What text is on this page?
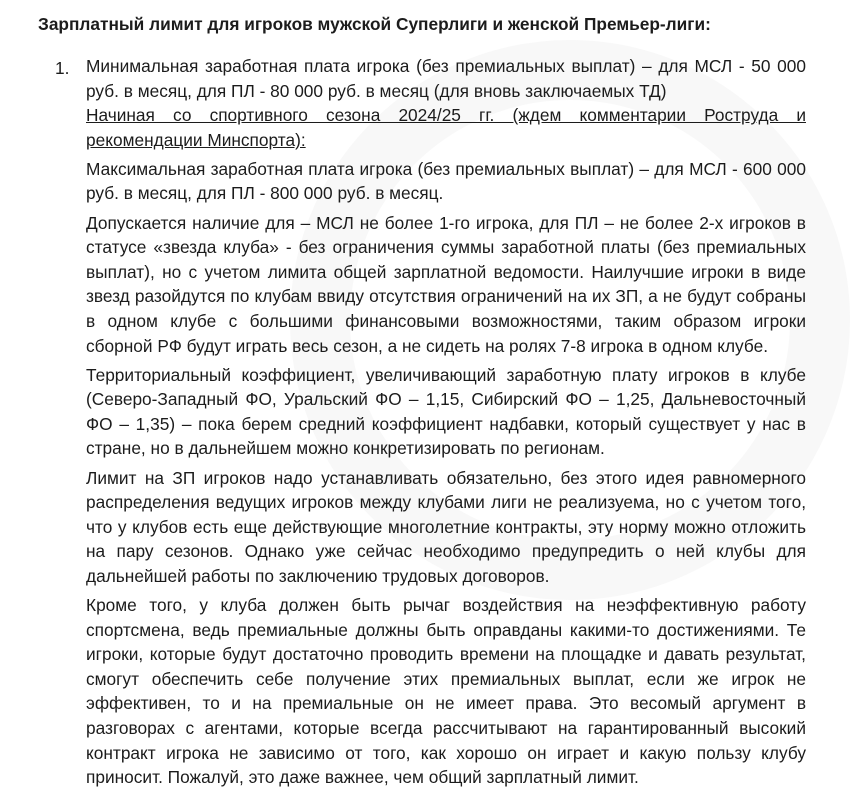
Зарплатный лимит для игроков мужской Суперлиги и женской Премьер-лиги:
1. Минимальная заработная плата игрока (без премиальных выплат) – для МСЛ - 50 000 руб. в месяц, для ПЛ - 80 000 руб. в месяц (для вновь заключаемых ТД)

Начиная со спортивного сезона 2024/25 гг. (ждем комментарии Роструда и рекомендации Минспорта):

Максимальная заработная плата игрока (без премиальных выплат) – для МСЛ - 600 000 руб. в месяц, для ПЛ - 800 000 руб. в месяц.

Допускается наличие для – МСЛ не более 1-го игрока, для ПЛ – не более 2-х игроков в статусе «звезда клуба» - без ограничения суммы заработной платы (без премиальных выплат), но с учетом лимита общей зарплатной ведомости. Наилучшие игроки в виде звезд разойдутся по клубам ввиду отсутствия ограничений на их ЗП, а не будут собраны в одном клубе с большими финансовыми возможностями, таким образом игроки сборной РФ будут играть весь сезон, а не сидеть на ролях 7-8 игрока в одном клубе.

Территориальный коэффициент, увеличивающий заработную плату игроков в клубе (Северо-Западный ФО, Уральский ФО – 1,15, Сибирский ФО – 1,25, Дальневосточный ФО – 1,35) – пока берем средний коэффициент надбавки, который существует у нас в стране, но в дальнейшем можно конкретизировать по регионам.

Лимит на ЗП игроков надо устанавливать обязательно, без этого идея равномерного распределения ведущих игроков между клубами лиги не реализуема, но с учетом того, что у клубов есть еще действующие многолетние контракты, эту норму можно отложить на пару сезонов. Однако уже сейчас необходимо предупредить о ней клубы для дальнейшей работы по заключению трудовых договоров.

Кроме того, у клуба должен быть рычаг воздействия на неэффективную работу спортсмена, ведь премиальные должны быть оправданы какими-то достижениями. Те игроки, которые будут достаточно проводить времени на площадке и давать результат, смогут обеспечить себе получение этих премиальных выплат, если же игрок не эффективен, то и на премиальные он не имеет права. Это весомый аргумент в разговорах с агентами, которые всегда рассчитывают на гарантированный высокий контракт игрока не зависимо от того, как хорошо он играет и какую пользу клубу приносит. Пожалуй, это даже важнее, чем общий зарплатный лимит.
